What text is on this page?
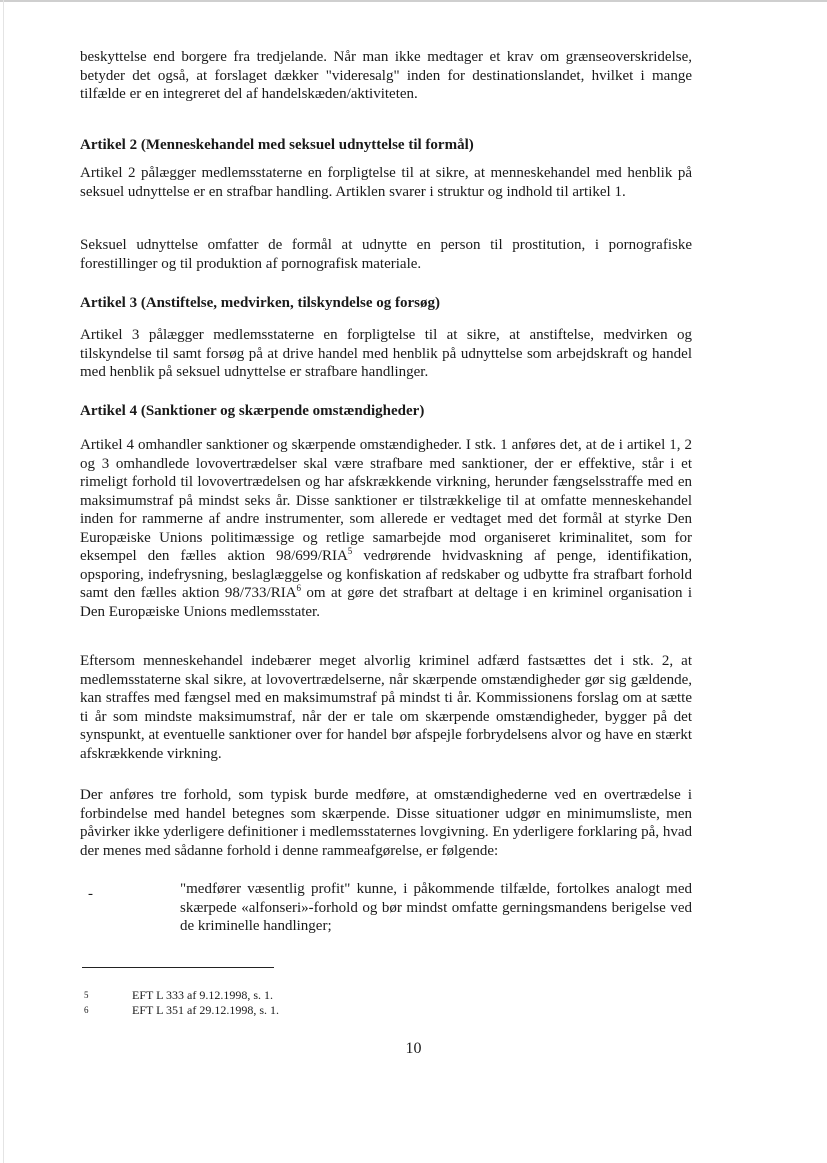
beskyttelse end borgere fra tredjelande. Når man ikke medtager et krav om grænseoverskridelse, betyder det også, at forslaget dækker "videresalg" inden for destinationslandet, hvilket i mange tilfælde er en integreret del af handelskæden/aktiviteten.

Artikel 2 (Menneskehandel med seksuel udnyttelse til formål)

Artikel 2 pålægger medlemsstaterne en forpligtelse til at sikre, at menneskehandel med henblik på seksuel udnyttelse er en strafbar handling. Artiklen svarer i struktur og indhold til artikel 1.

Seksuel udnyttelse omfatter de formål at udnytte en person til prostitution, i pornografiske forestillinger og til produktion af pornografisk materiale.

Artikel 3 (Anstiftelse, medvirken, tilskyndelse og forsøg)

Artikel 3 pålægger medlemsstaterne en forpligtelse til at sikre, at anstiftelse, medvirken og tilskyndelse til samt forsøg på at drive handel med henblik på udnyttelse som arbejdskraft og handel med henblik på seksuel udnyttelse er strafbare handlinger.

Artikel 4 (Sanktioner og skærpende omstændigheder)

Artikel 4 omhandler sanktioner og skærpende omstændigheder. I stk. 1 anføres det, at de i artikel 1, 2 og 3 omhandlede lovovertrædelser skal være strafbare med sanktioner, der er effektive, står i et rimeligt forhold til lovovertrædelsen og har afskrækkende virkning, herunder fængselsstraffe med en maksimumstraf på mindst seks år. Disse sanktioner er tilstrækkelige til at omfatte menneskehandel inden for rammerne af andre instrumenter, som allerede er vedtaget med det formål at styrke Den Europæiske Unions politimæssige og retlige samarbejde mod organiseret kriminalitet, som for eksempel den fælles aktion 98/699/RIA$^5$ vedrørende hvidvaskning af penge, identifikation, opsporing, indefrysning, beslaglæggelse og konfiskation af redskaber og udbytte fra strafbart forhold samt den fælles aktion 98/733/RIA$^6$ om at gøre det strafbart at deltage i en kriminel organisation i Den Europæiske Unions medlemsstater.

Eftersom menneskehandel indebærer meget alvorlig kriminel adfærd fastsættes det i stk. 2, at medlemsstaterne skal sikre, at lovovertrædelserne, når skærpende omstændigheder gør sig gældende, kan straffes med fængsel med en maksimumstraf på mindst ti år. Kommissionens forslag om at sætte ti år som mindste maksimumstraf, når der er tale om skærpende omstændigheder, bygger på det synspunkt, at eventuelle sanktioner over for handel bør afspejle forbrydelsens alvor og have en stærkt afskrækkende virkning.

Der anføres tre forhold, som typisk burde medføre, at omstændighederne ved en overtrædelse i forbindelse med handel betegnes som skærpende. Disse situationer udgør en minimumsliste, men påvirker ikke yderligere definitioner i medlemsstaternes lovgivning. En yderligere forklaring på, hvad der menes med sådanne forhold i denne rammeafgørelse, er følgende:

-	"medfører væsentlig profit" kunne, i påkommende tilfælde, fortolkes analogt med skærpede «alfonseri»-forhold og bør mindst omfatte gerningsmandens berigelse ved de kriminelle handlinger;

5	EFT L 333 af 9.12.1998, s. 1.
6	EFT L 351 af 29.12.1998, s. 1.
10
